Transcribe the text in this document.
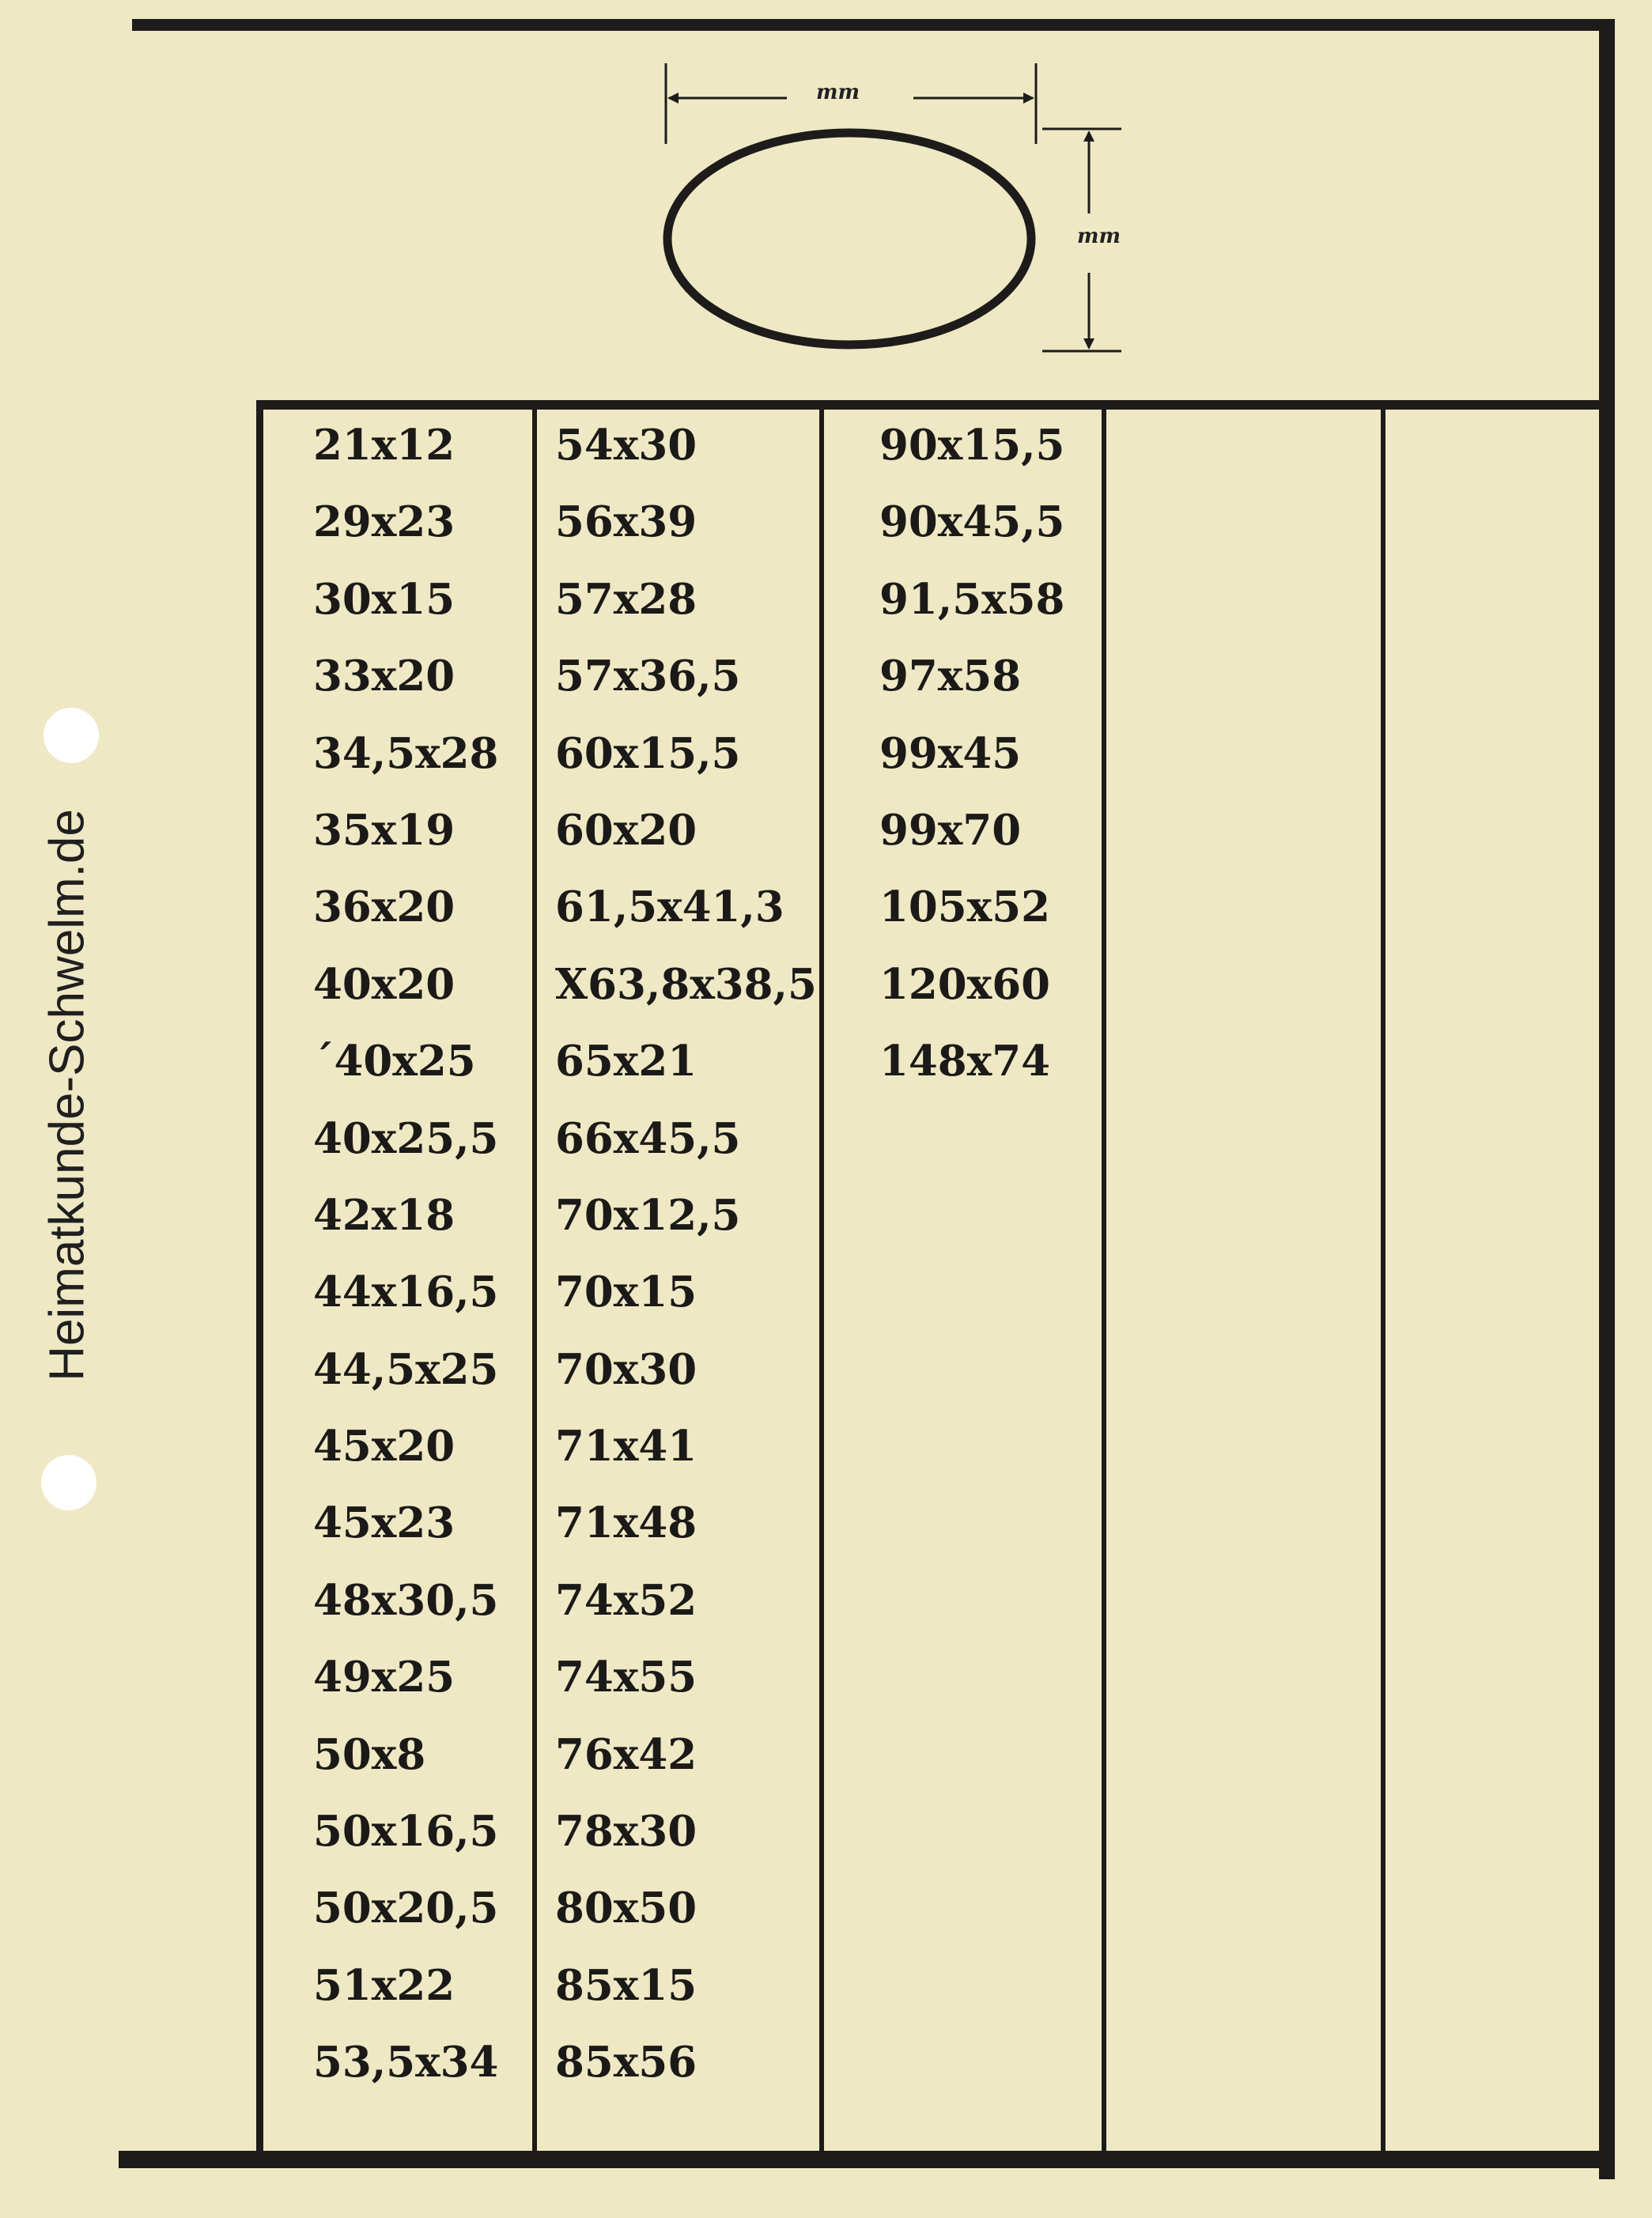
Heimatkunde-Schwelm.de
mm
mm
21x12
29x23
30x15
33x20
34,5x28
35x19
36x20
40x20
´40x25
40x25,5
42x18
44x16,5
44,5x25
45x20
45x23
48x30,5
49x25
50x8
50x16,5
50x20,5
51x22
53,5x34
54x30
56x39
57x28
57x36,5
60x15,5
60x20
61,5x41,3
X63,8x38,5
65x21
66x45,5
70x12,5
70x15
70x30
71x41
71x48
74x52
74x55
76x42
78x30
80x50
85x15
85x56
90x15,5
90x45,5
91,5x58
97x58
99x45
99x70
105x52
120x60
148x74
